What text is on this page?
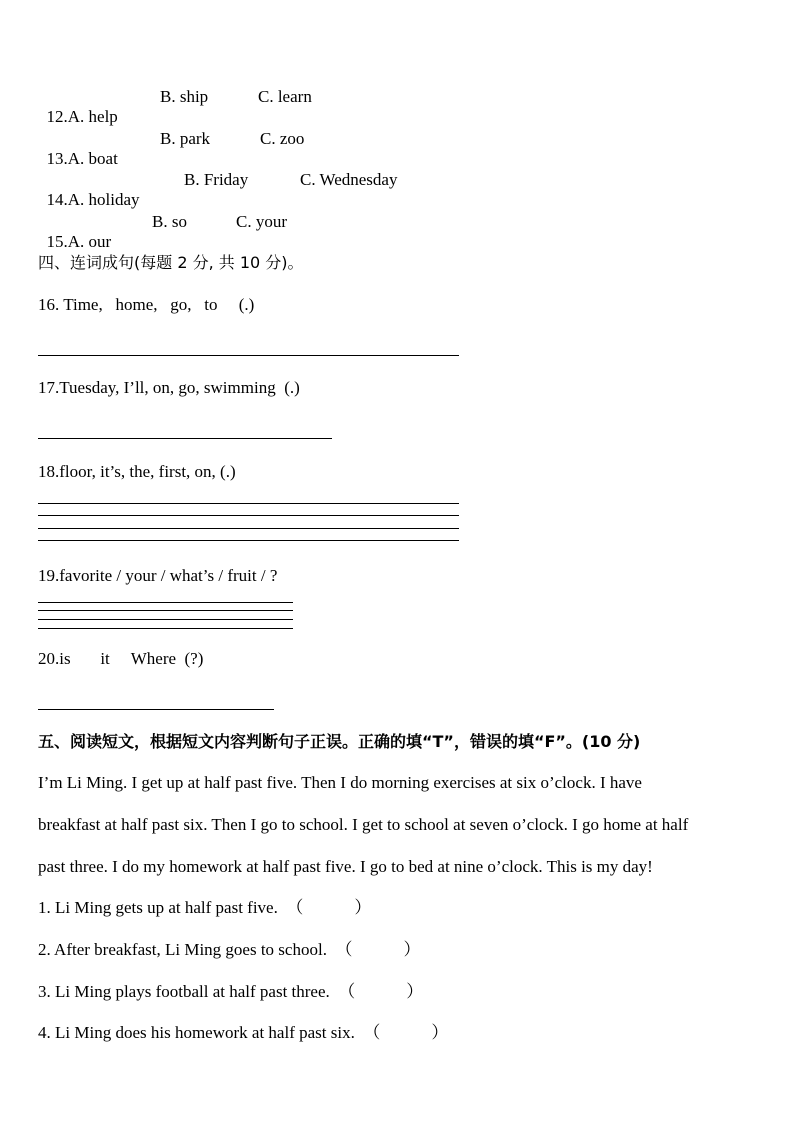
12.A. help

B. ship

	C. learn

13.A. boat

B. park

	C. zoo

14.A. holiday

B. Friday

	C. Wednesday

15.A. our

B. so

	C. your

四、连词成句(每题 2 分, 共 10 分)。
16. Time,   home,   go,   to     (.)
17.Tuesday, I’ll, on, go, swimming  (.)
18.floor, it’s, the, first, on, (.)
19.favorite / your / what’s / fruit / ?
20.is       it     Where  (?)
五、阅读短文，根据短文内容判断句子正误。正确的填“T”，错误的填“F”。(10 分)
I’m Li Ming. I get up at half past five. Then I do morning exercises at six o’clock. I have
breakfast at half past six. Then I go to school. I get to school at seven o’clock. I go home at half
past three. I do my homework at half past five. I go to bed at nine o’clock. This is my day!
1. Li Ming gets up at half past five.  （            ）
2. After breakfast, Li Ming goes to school.  （            ）
3. Li Ming plays football at half past three.  （            ）
4. Li Ming does his homework at half past six.  （            ）
